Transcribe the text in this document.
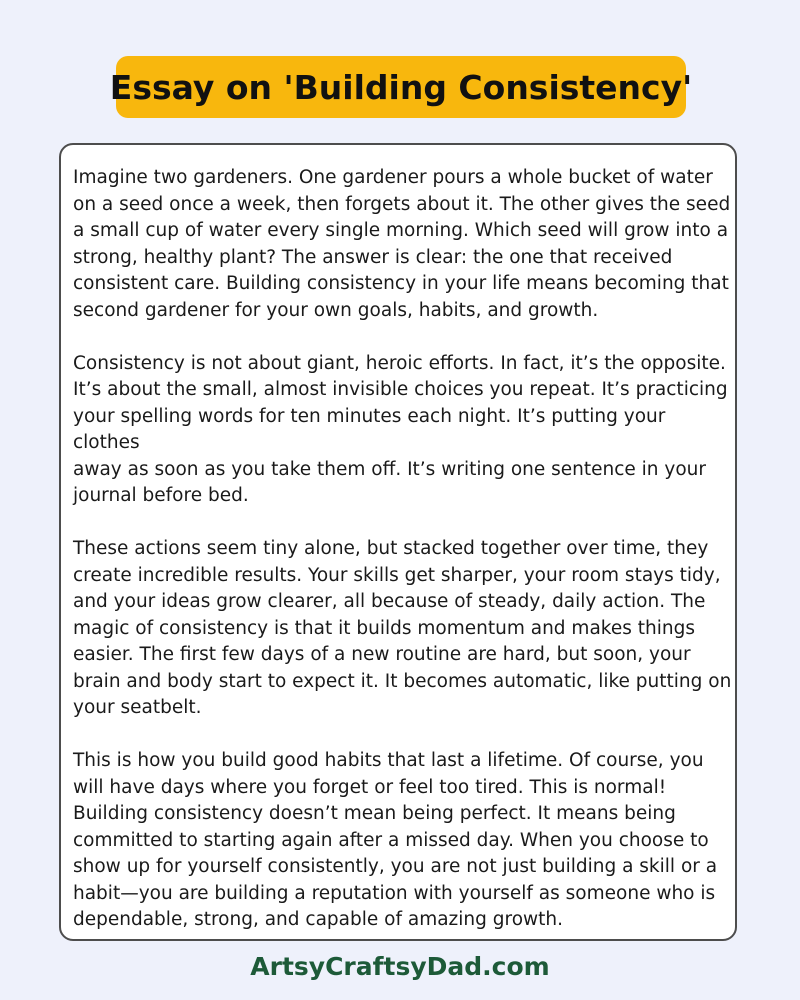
Essay on 'Building Consistency'

Imagine two gardeners. One gardener pours a whole bucket of water
on a seed once a week, then forgets about it. The other gives the seed
a small cup of water every single morning. Which seed will grow into a
strong, healthy plant? The answer is clear: the one that received
consistent care. Building consistency in your life means becoming that
second gardener for your own goals, habits, and growth.

Consistency is not about giant, heroic efforts. In fact, it’s the opposite.
It’s about the small, almost invisible choices you repeat. It’s practicing
your spelling words for ten minutes each night. It’s putting your clothes
away as soon as you take them off. It’s writing one sentence in your
journal before bed.

These actions seem tiny alone, but stacked together over time, they
create incredible results. Your skills get sharper, your room stays tidy,
and your ideas grow clearer, all because of steady, daily action. The
magic of consistency is that it builds momentum and makes things
easier. The first few days of a new routine are hard, but soon, your
brain and body start to expect it. It becomes automatic, like putting on
your seatbelt.

This is how you build good habits that last a lifetime. Of course, you
will have days where you forget or feel too tired. This is normal!
Building consistency doesn’t mean being perfect. It means being
committed to starting again after a missed day. When you choose to
show up for yourself consistently, you are not just building a skill or a
habit—you are building a reputation with yourself as someone who is
dependable, strong, and capable of amazing growth.

ArtsyCraftsyDad.com
